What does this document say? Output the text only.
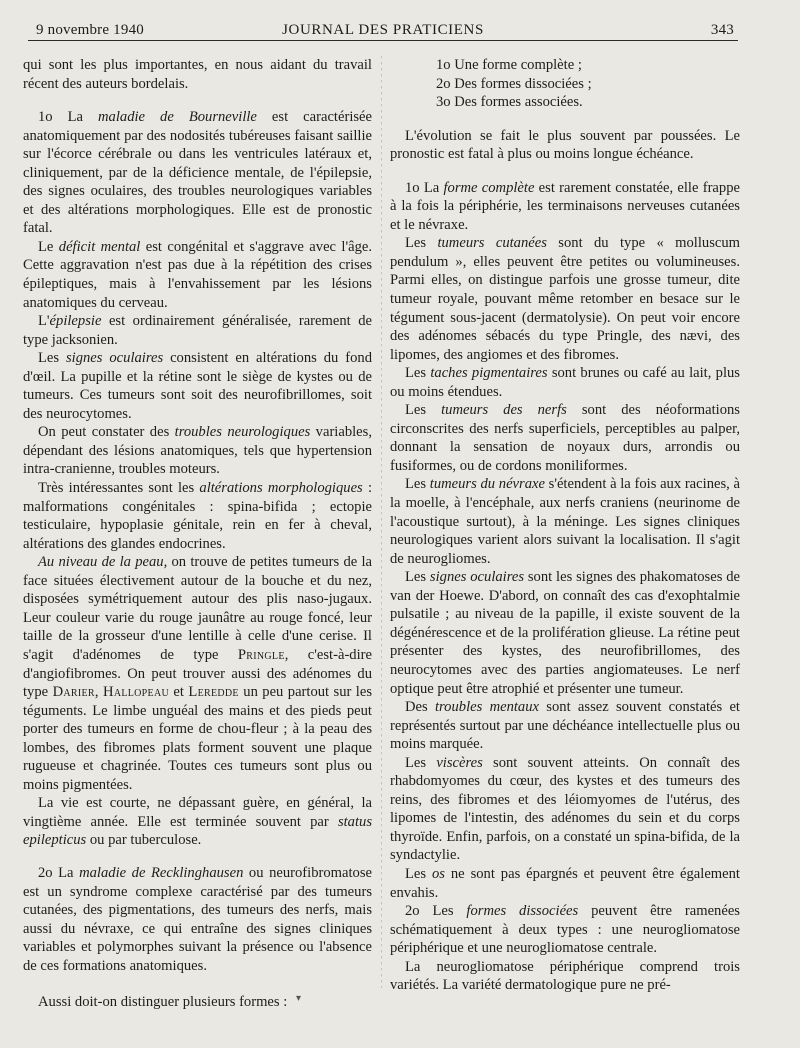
9 novembre 1940	JOURNAL DES PRATICIENS	343

qui sont les plus importantes, en nous aidant du travail récent des auteurs bordelais.

1o La maladie de Bourneville est caractérisée anatomiquement par des nodosités tubéreuses faisant saillie sur l'écorce cérébrale ou dans les ventricules latéraux et, cliniquement, par de la déficience mentale, de l'épilepsie, des signes oculaires, des troubles neurologiques variables et des altérations morphologiques. Elle est de pronostic fatal.

Le déficit mental est congénital et s'aggrave avec l'âge. Cette aggravation n'est pas due à la répétition des crises épileptiques, mais à l'envahissement par les lésions anatomiques du cerveau.

L'épilepsie est ordinairement généralisée, rarement de type jacksonien.

Les signes oculaires consistent en altérations du fond d'œil. La pupille et la rétine sont le siège de kystes ou de tumeurs. Ces tumeurs sont soit des neurofibrillomes, soit des neurocytomes.

On peut constater des troubles neurologiques variables, dépendant des lésions anatomiques, tels que hypertension intra-cranienne, troubles moteurs.

Très intéressantes sont les altérations morphologiques : malformations congénitales : spina-bifida ; ectopie testiculaire, hypoplasie génitale, rein en fer à cheval, altérations des glandes endocrines.

Au niveau de la peau, on trouve de petites tumeurs de la face situées électivement autour de la bouche et du nez, disposées symétriquement autour des plis naso-jugaux. Leur couleur varie du rouge jaunâtre au rouge foncé, leur taille de la grosseur d'une lentille à celle d'une cerise. Il s'agit d'adénomes de type Pringle, c'est-à-dire d'angiofibromes. On peut trouver aussi des adénomes du type Darier, Hallopeau et Leredde un peu partout sur les téguments. Le limbe unguéal des mains et des pieds peut porter des tumeurs en forme de chou-fleur ; à la peau des lombes, des fibromes plats forment souvent une plaque rugueuse et chagrinée. Toutes ces tumeurs sont plus ou moins pigmentées.

La vie est courte, ne dépassant guère, en général, la vingtième année. Elle est terminée souvent par status epilepticus ou par tuberculose.

2o La maladie de Recklinghausen ou neurofibromatose est un syndrome complexe caractérisé par des tumeurs cutanées, des pigmentations, des tumeurs des nerfs, mais aussi du névraxe, ce qui entraîne des signes cliniques variables et polymorphes suivant la présence ou l'absence de ces formations anatomiques.

Aussi doit-on distinguer plusieurs formes :

1o Une forme complète ;

2o Des formes dissociées ;

3o Des formes associées.

L'évolution se fait le plus souvent par poussées. Le pronostic est fatal à plus ou moins longue échéance.

1o La forme complète est rarement constatée, elle frappe à la fois la périphérie, les terminaisons nerveuses cutanées et le névraxe.

Les tumeurs cutanées sont du type « molluscum pendulum », elles peuvent être petites ou volumineuses. Parmi elles, on distingue parfois une grosse tumeur, dite tumeur royale, pouvant même retomber en besace sur le tégument sous-jacent (dermatolysie). On peut voir encore des adénomes sébacés du type Pringle, des nævi, des lipomes, des angiomes et des fibromes.

Les taches pigmentaires sont brunes ou café au lait, plus ou moins étendues.

Les tumeurs des nerfs sont des néoformations circonscrites des nerfs superficiels, perceptibles au palper, donnant la sensation de noyaux durs, arrondis ou fusiformes, ou de cordons moniliformes.

Les tumeurs du névraxe s'étendent à la fois aux racines, à la moelle, à l'encéphale, aux nerfs craniens (neurinome de l'acoustique surtout), à la méninge. Les signes cliniques neurologiques varient alors suivant la localisation. Il s'agit de neurogliomes.

Les signes oculaires sont les signes des phakomatoses de van der Hoewe. D'abord, on connaît des cas d'exophtalmie pulsatile ; au niveau de la papille, il existe souvent de la dégénérescence et de la prolifération glieuse. La rétine peut présenter des kystes, des neurofibrillomes, des neurocytomes avec des parties angiomateuses. Le nerf optique peut être atrophié et présenter une tumeur.

Des troubles mentaux sont assez souvent constatés et représentés surtout par une déchéance intellectuelle plus ou moins marquée.

Les viscères sont souvent atteints. On connaît des rhabdomyomes du cœur, des kystes et des tumeurs des reins, des fibromes et des léiomyomes de l'utérus, des lipomes de l'intestin, des adénomes du sein et du corps thyroïde. Enfin, parfois, on a constaté un spina-bifida, de la syndactylie.

Les os ne sont pas épargnés et peuvent être également envahis.

2o Les formes dissociées peuvent être ramenées schématiquement à deux types : une neurogliomatose périphérique et une neurogliomatose centrale.

La neurogliomatose périphérique comprend trois variétés. La variété dermatologique pure ne pré-

▾
